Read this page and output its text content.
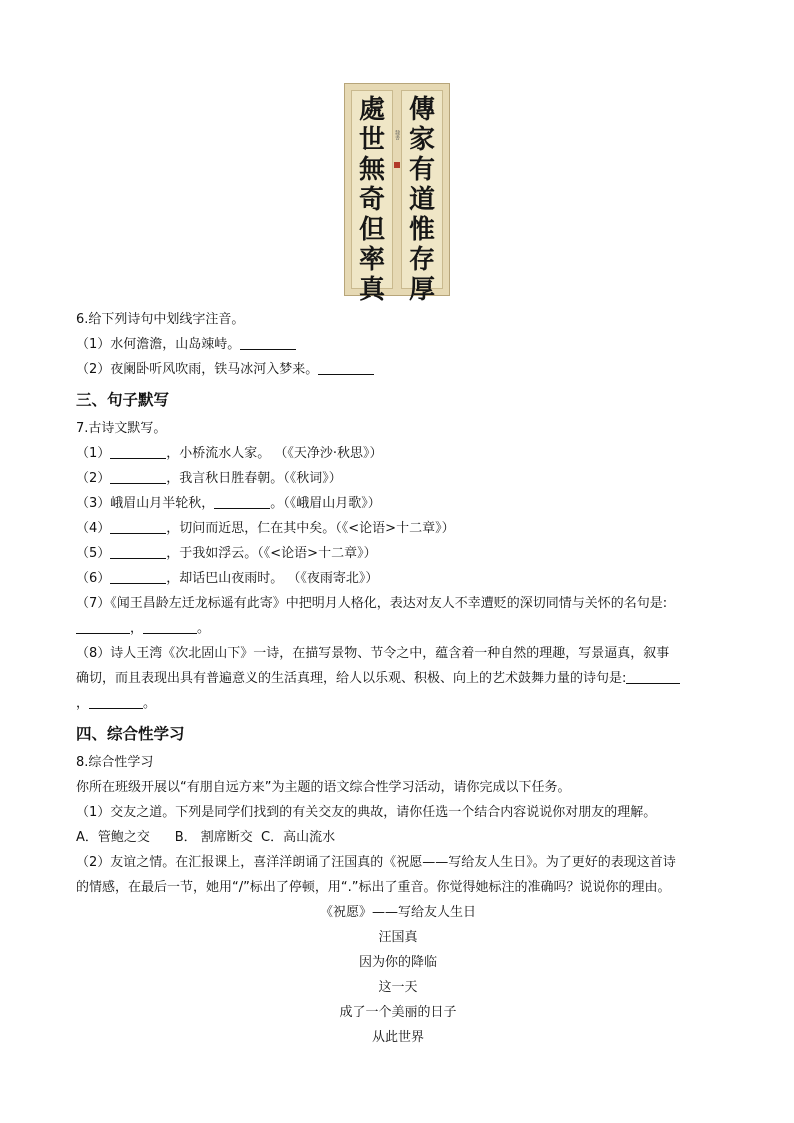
傳
家
有
道
惟
存
厚
處
世
無
奇
但
率
真
隸書
6.给下列诗句中划线字注音。
（1）水何澹澹，山岛竦峙。
（2）夜阑卧听风吹雨，铁马冰河入梦来。
三、句子默写
7.古诗文默写。
（1）	，小桥流水人家。 （《天净沙·秋思》）
（2）	，我言秋日胜春朝。（《秋词》）
（3）峨眉山月半轮秋，	。（《峨眉山月歌》）
（4）	，切问而近思，仁在其中矣。（《<论语>十二章》）
（5）	，于我如浮云。（《<论语>十二章》）
（6）	，却话巴山夜雨时。 （《夜雨寄北》）
（7）《闻王昌龄左迁龙标遥有此寄》中把明月人格化，表达对友人不幸遭贬的深切同情与关怀的名句是:
，	。
（8）诗人王湾《次北固山下》一诗，在描写景物、节令之中，蕴含着一种自然的理趣，写景逼真，叙事
确切，而且表现出具有普遍意义的生活真理，给人以乐观、积极、向上的艺术鼓舞力量的诗句是:
，	。
四、综合性学习
8.综合性学习
你所在班级开展以“有朋自远方来”为主题的语文综合性学习活动，请你完成以下任务。
（1）交友之道。下列是同学们找到的有关交友的典故，请你任选一个结合内容说说你对朋友的理解。
A．管鲍之交 B． 割席断交 C．高山流水
（2）友谊之情。在汇报课上，喜洋洋朗诵了汪国真的《祝愿——写给友人生日》。为了更好的表现这首诗
的情感，在最后一节，她用“/”标出了停顿，用“.”标出了重音。你觉得她标注的准确吗？说说你的理由。
《祝愿》——写给友人生日
汪国真
因为你的降临
这一天
成了一个美丽的日子
从此世界
